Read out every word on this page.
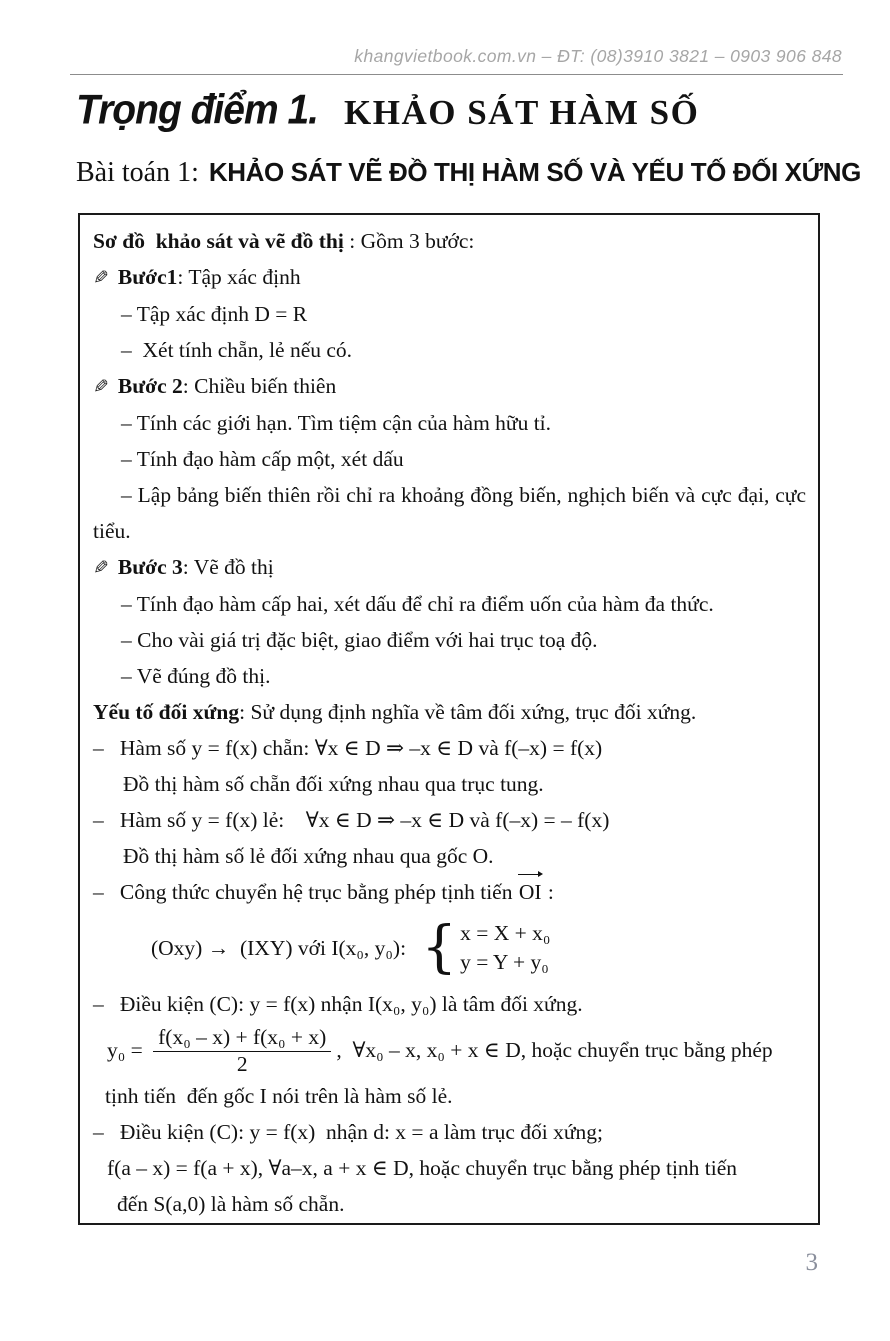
khangvietbook.com.vn – ĐT: (08)3910 3821 – 0903 906 848
Trọng điểm 1. KHẢO SÁT HÀM SỐ
Bài toán 1: KHẢO SÁT VẼ ĐỒ THỊ HÀM SỐ VÀ YẾU TỐ ĐỐI XỨNG
Sơ đồ  khảo sát và vẽ đồ thị : Gồm 3 bước:
✎ Bước1: Tập xác định
– Tập xác định D = R
–  Xét tính chẵn, lẻ nếu có.
✎ Bước 2: Chiều biến thiên
– Tính các giới hạn. Tìm tiệm cận của hàm hữu tỉ.
– Tính đạo hàm cấp một, xét dấu
– Lập bảng biến thiên rồi chỉ ra khoảng đồng biến, nghịch biến và cực đại, cực tiểu.
✎ Bước 3: Vẽ đồ thị
– Tính đạo hàm cấp hai, xét dấu để chỉ ra điểm uốn của hàm đa thức.
– Cho vài giá trị đặc biệt, giao điểm với hai trục toạ độ.
– Vẽ đúng đồ thị.
Yếu tố đối xứng: Sử dụng định nghĩa về tâm đối xứng, trục đối xứng.
–   Hàm số y = f(x) chẵn: ∀x ∈ D ⇒ –x ∈ D và f(–x) = f(x)
Đồ thị hàm số chẵn đối xứng nhau qua trục tung.
–   Hàm số y = f(x) lẻ:    ∀x ∈ D ⇒ –x ∈ D và f(–x) = – f(x)
Đồ thị hàm số lẻ đối xứng nhau qua gốc O.
–   Công thức chuyển hệ trục bằng phép tịnh tiến OI :
(Oxy) →  (IXY) với I(x₀, y₀): { x = X + x₀
y = Y + y₀
–   Điều kiện (C): y = f(x) nhận I(x₀, y₀) là tâm đối xứng.
$y_0 = \frac{\text{f(x₀ – x) + f(x₀ + x)}}{2}$ ,  ∀x₀ – x, x₀ + x ∈ D, hoặc chuyển trục bằng phép
tịnh tiến  đến gốc I nói trên là hàm số lẻ.
–   Điều kiện (C): y = f(x)  nhận d: x = a làm trục đối xứng;
f(a – x) = f(a + x), ∀a–x, a + x ∈ D, hoặc chuyển trục bằng phép tịnh tiến
đến S(a,0) là hàm số chẵn.
3
